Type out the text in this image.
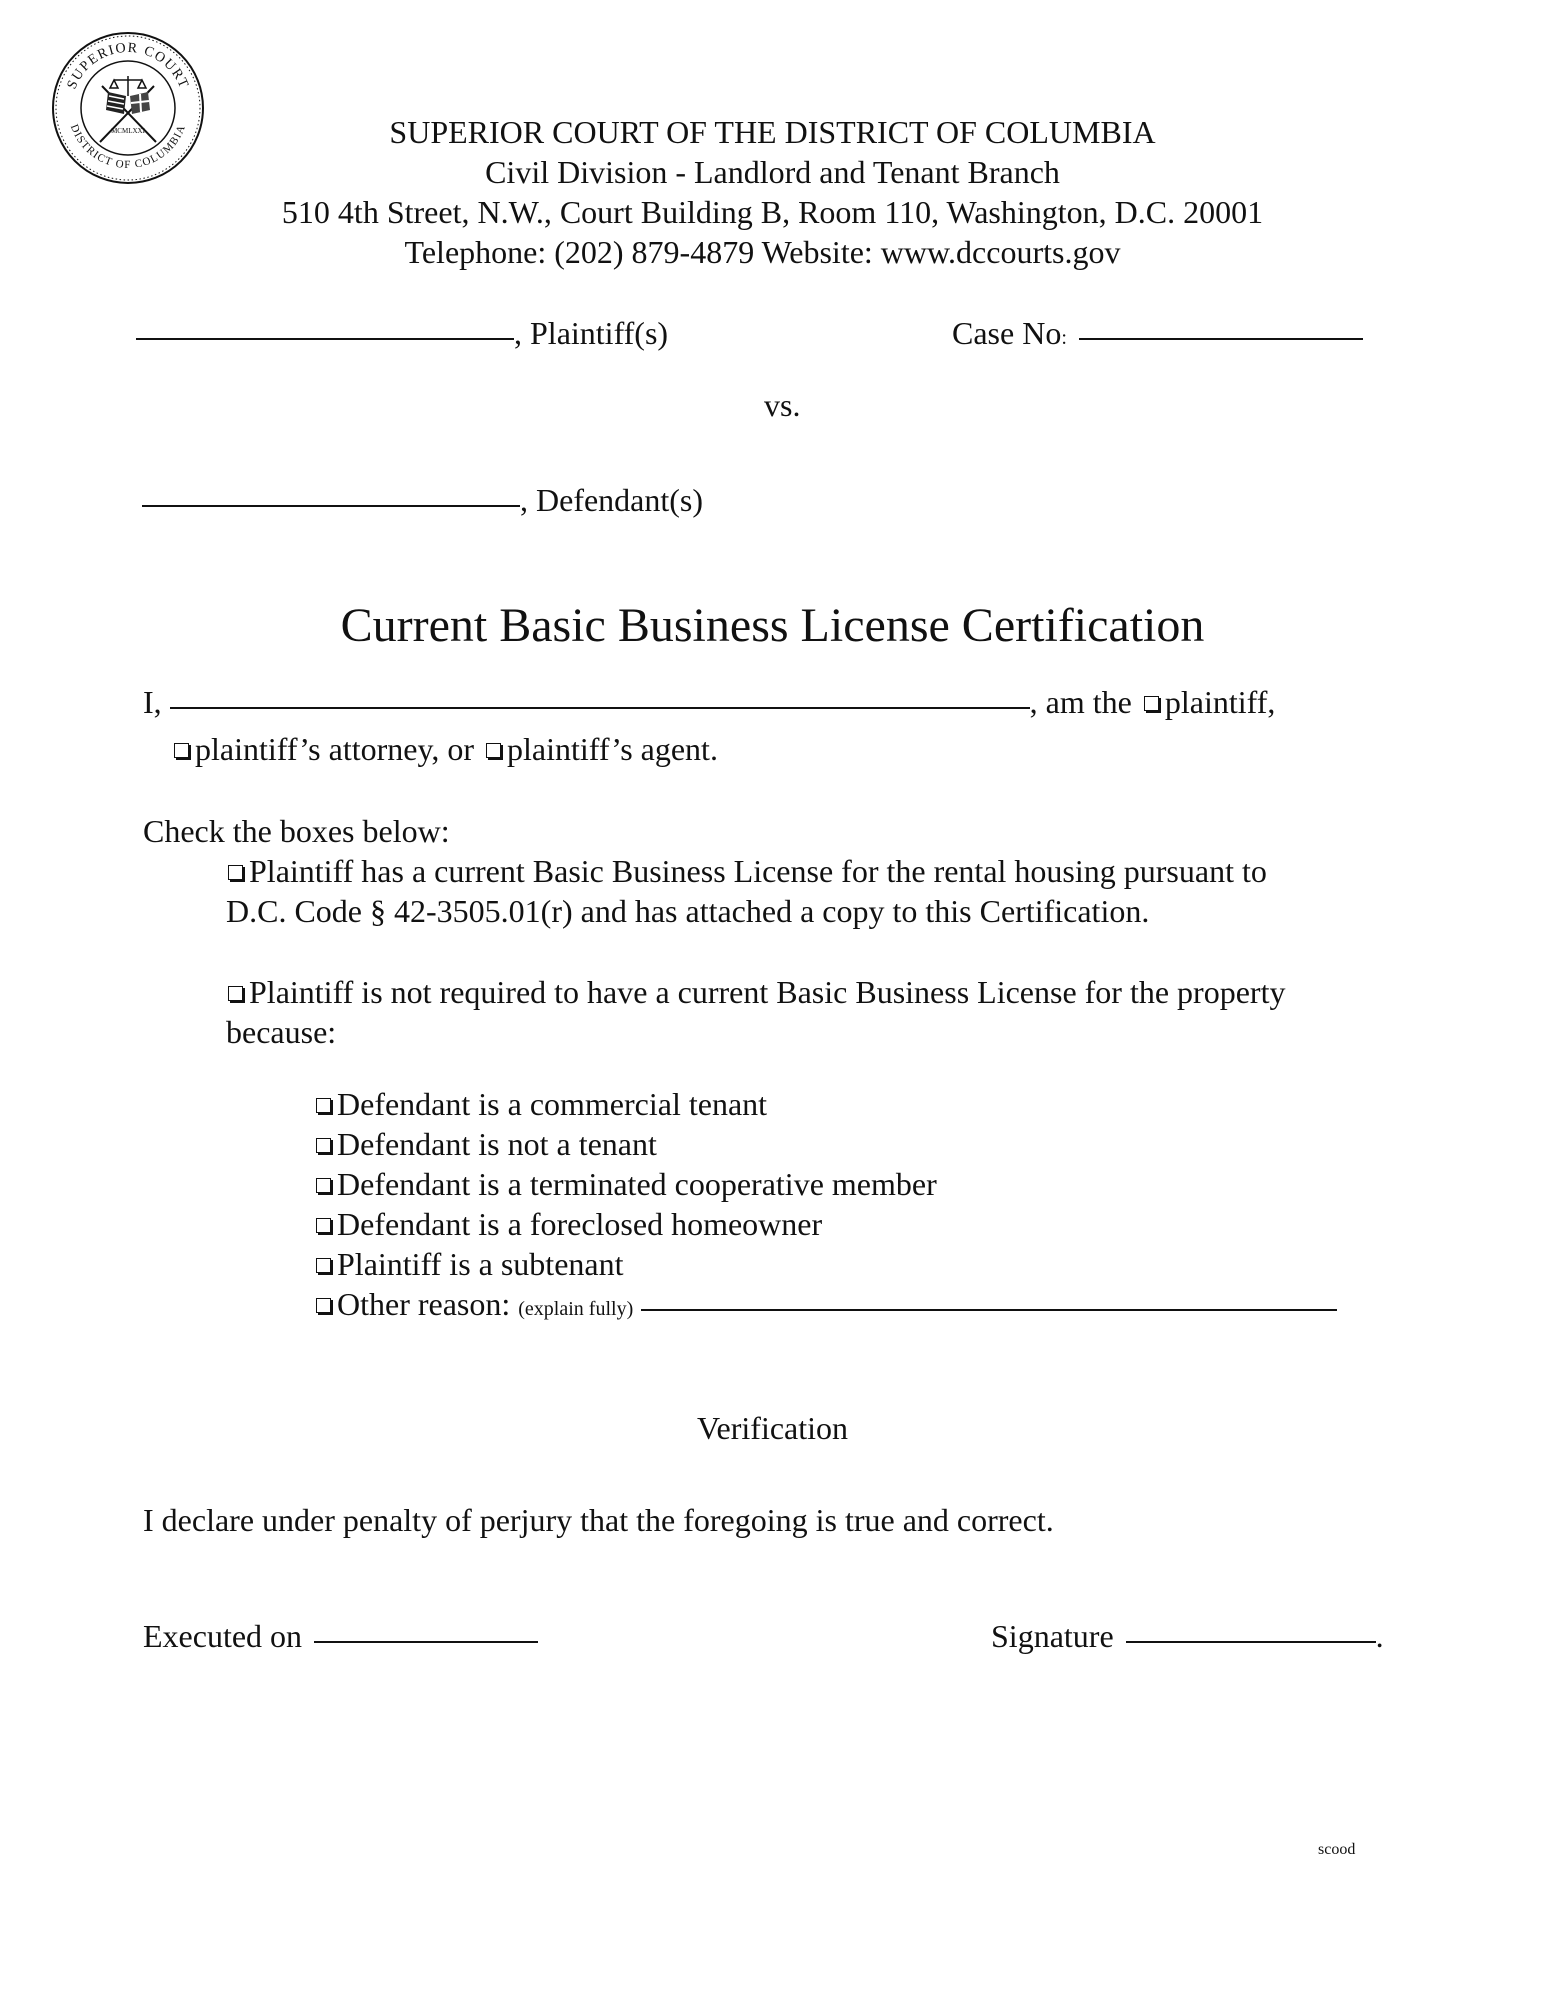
SUPERIOR COURT
DISTRICT OF COLUMBIA
MCMLXXI	SUPERIOR COURT OF THE DISTRICT OF COLUMBIA
Civil Division - Landlord and Tenant Branch
510 4th Street, N.W., Court Building B, Room 110, Washington, D.C. 20001
Telephone: (202) 879-4879 Website: www.dccourts.gov
, Plaintiff(s)	Case No:
vs.
, Defendant(s)
Current Basic Business License Certification
I,	, am the plaintiff,
plaintiff’s attorney, or plaintiff’s agent.
Check the boxes below:
Plaintiff has a current Basic Business License for the rental housing pursuant to
D.C. Code § 42-3505.01(r) and has attached a copy to this Certification.
Plaintiff is not required to have a current Basic Business License for the property
because:
Defendant is a commercial tenant
Defendant is not a tenant
Defendant is a terminated cooperative member
Defendant is a foreclosed homeowner
Plaintiff is a subtenant
Other reason: (explain fully)
Verification
I declare under penalty of perjury that the foregoing is true and correct.
Executed on	Signature	.
scood
